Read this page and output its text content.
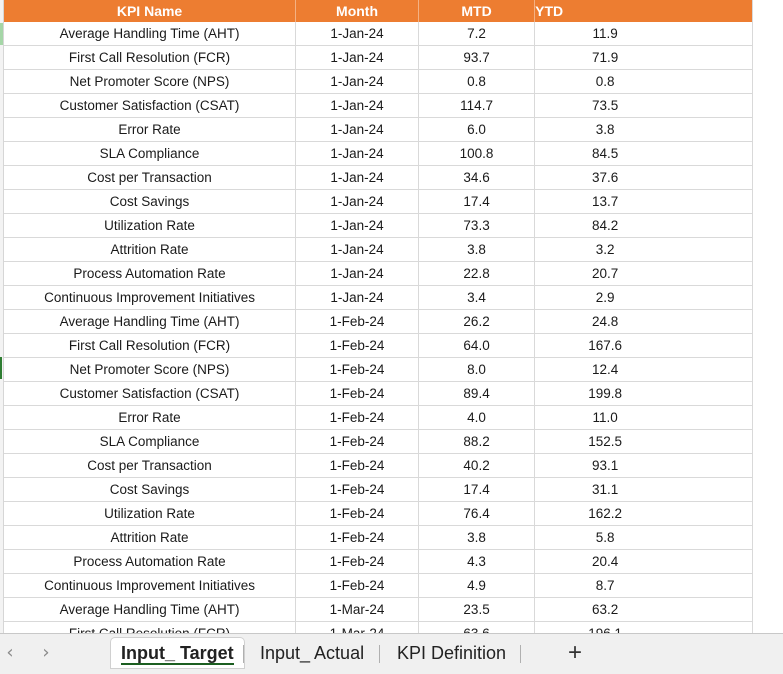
KPI Name	Month	MTD	YTD
Average Handling Time (AHT)	1-Jan-24	7.2	11.9
First Call Resolution (FCR)	1-Jan-24	93.7	71.9
Net Promoter Score (NPS)	1-Jan-24	0.8	0.8
Customer Satisfaction (CSAT)	1-Jan-24	114.7	73.5
Error Rate	1-Jan-24	6.0	3.8
SLA Compliance	1-Jan-24	100.8	84.5
Cost per Transaction	1-Jan-24	34.6	37.6
Cost Savings	1-Jan-24	17.4	13.7
Utilization Rate	1-Jan-24	73.3	84.2
Attrition Rate	1-Jan-24	3.8	3.2
Process Automation Rate	1-Jan-24	22.8	20.7
Continuous Improvement Initiatives	1-Jan-24	3.4	2.9
Average Handling Time (AHT)	1-Feb-24	26.2	24.8
First Call Resolution (FCR)	1-Feb-24	64.0	167.6
Net Promoter Score (NPS)	1-Feb-24	8.0	12.4
Customer Satisfaction (CSAT)	1-Feb-24	89.4	199.8
Error Rate	1-Feb-24	4.0	11.0
SLA Compliance	1-Feb-24	88.2	152.5
Cost per Transaction	1-Feb-24	40.2	93.1
Cost Savings	1-Feb-24	17.4	31.1
Utilization Rate	1-Feb-24	76.4	162.2
Attrition Rate	1-Feb-24	3.8	5.8
Process Automation Rate	1-Feb-24	4.3	20.4
Continuous Improvement Initiatives	1-Feb-24	4.9	8.7
Average Handling Time (AHT)	1-Mar-24	23.5	63.2

‹	›	Input_ Target	Input_ Actual	KPI Definition	+
